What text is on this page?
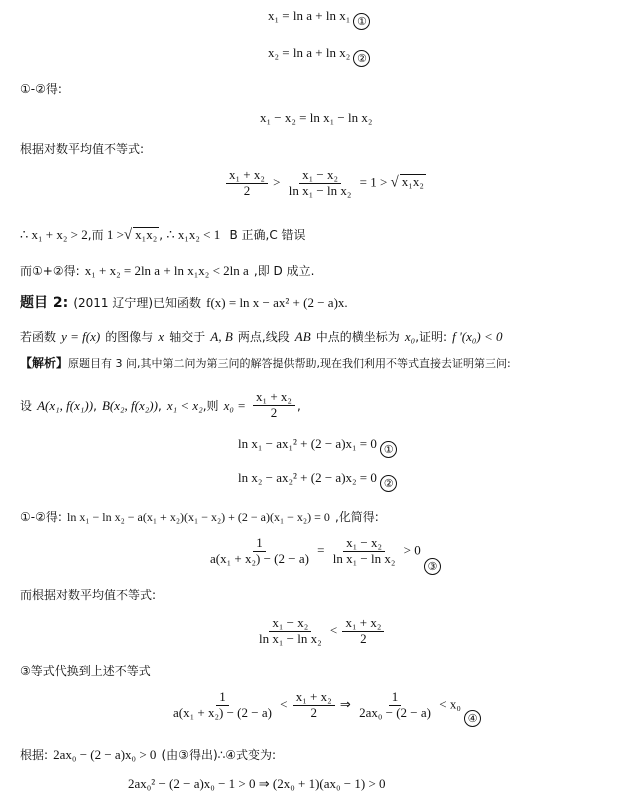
x₁ = ln a + ln x₁ ①
x₂ = ln a + ln x₂ ②
①-②得:
x₁ − x₂ = ln x₁ − ln x₂
根据对数平均值不等式:
$\frac{\text{x₁ + x₂}}{2} > \frac{\text{x₁ − x₂}}{\text{ln x₁ − ln x₂}} = 1$ > √ x₁x₂
∴ x₁ + x₂ > 2,而 1 >√ x₁x₂ , ∴ x₁x₂ < 1 B 正确,C 错误
而①+②得: x₁ + x₂ = 2ln a + ln x₁x₂ < 2ln a ,即 D 成立.
题目 2: (2011 辽宁理)已知函数 f(x) = ln x − ax² + (2 − a)x.
若函数 y = f(x) 的图像与 x 轴交于 A, B 两点,线段 AB 中点的横坐标为 x₀,证明: f '(x₀) < 0
【解析】原题目有 3 问,其中第二问为第三问的解答提供帮助,现在我们利用不等式直接去证明第三问:
设 A(x₁, f(x₁)), B(x₂, f(x₂)), x₁ < x₂,则 $x_0 = \frac{\text{x₁ + x₂}}{2}$ ,
ln x₁ − ax₁² + (2 − a)x₁ = 0 ①
ln x₂ − ax₂² + (2 − a)x₂ = 0 ②
①-②得: ln x₁ − ln x₂ − a(x₁ + x₂)(x₁ − x₂) + (2 − a)(x₁ − x₂) = 0 ,化简得:
$\frac{1}{\text{a(x₁ + x₂) − (2 − a)}} = \frac{\text{x₁ − x₂}}{\text{ln x₁ − ln x₂}} > 0$ ③
而根据对数平均值不等式:
$\frac{\text{x₁ − x₂}}{\text{ln x₁ − ln x₂}} < \frac{\text{x₁ + x₂}}{2}$
③等式代换到上述不等式
$\frac{1}{\text{a(x₁ + x₂) − (2 − a)}} < \frac{\text{x₁ + x₂}}{2}$ ⇒ $\frac{1}{\text{2ax₀ − (2 − a)}} < x_0$ ④
根据: 2ax₀ − (2 − a)x₀ > 0 (由③得出)∴④式变为:
2ax₀² − (2 − a)x₀ − 1 > 0 ⇒ (2x₀ + 1)(ax₀ − 1) > 0
